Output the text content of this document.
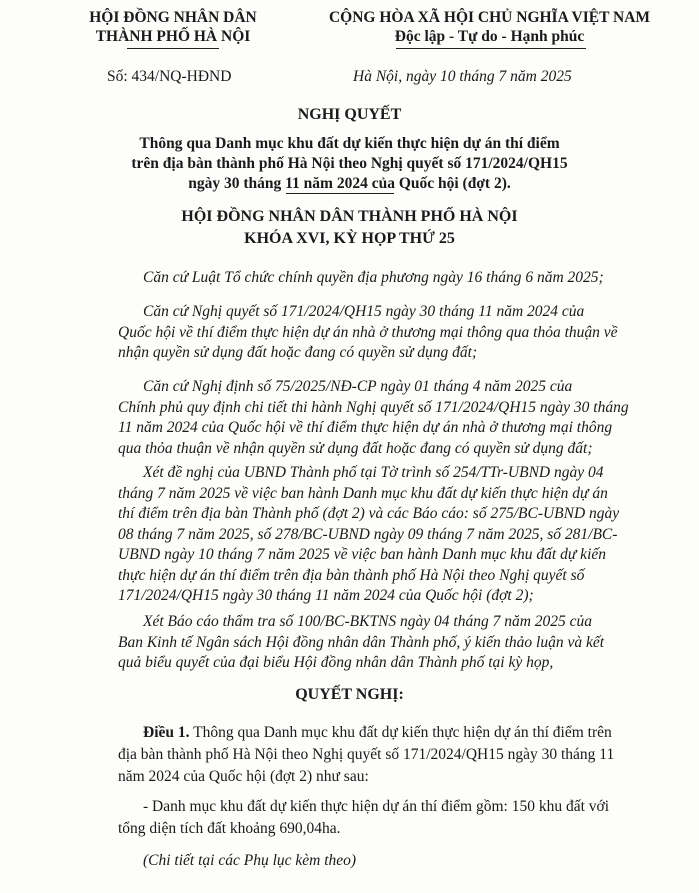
HỘI ĐỒNG NHÂN DÂN
THÀNH PHỐ HÀ NỘI
CỘNG HÒA XÃ HỘI CHỦ NGHĨA VIỆT NAM
Độc lập - Tự do - Hạnh phúc
Số: 434/NQ-HĐND	Hà Nội, ngày 10 tháng 7 năm 2025
NGHỊ QUYẾT
Thông qua Danh mục khu đất dự kiến thực hiện dự án thí điểm
trên địa bàn thành phố Hà Nội theo Nghị quyết số 171/2024/QH15
ngày 30 tháng 11 năm 2024 của Quốc hội (đợt 2).
HỘI ĐỒNG NHÂN DÂN THÀNH PHỐ HÀ NỘI
KHÓA XVI, KỲ HỌP THỨ 25
Căn cứ Luật Tổ chức chính quyền địa phương ngày 16 tháng 6 năm 2025;
Căn cứ Nghị quyết số 171/2024/QH15 ngày 30 tháng 11 năm 2024 của
Quốc hội về thí điểm thực hiện dự án nhà ở thương mại thông qua thỏa thuận về
nhận quyền sử dụng đất hoặc đang có quyền sử dụng đất;
Căn cứ Nghị định số 75/2025/NĐ-CP ngày 01 tháng 4 năm 2025 của
Chính phủ quy định chi tiết thi hành Nghị quyết số 171/2024/QH15 ngày 30 tháng
11 năm 2024 của Quốc hội về thí điểm thực hiện dự án nhà ở thương mại thông
qua thỏa thuận về nhận quyền sử dụng đất hoặc đang có quyền sử dụng đất;
Xét đề nghị của UBND Thành phố tại Tờ trình số 254/TTr-UBND ngày 04
tháng 7 năm 2025 về việc ban hành Danh mục khu đất dự kiến thực hiện dự án
thí điểm trên địa bàn Thành phố (đợt 2) và các Báo cáo: số 275/BC-UBND ngày
08 tháng 7 năm 2025, số 278/BC-UBND ngày 09 tháng 7 năm 2025, số 281/BC-
UBND ngày 10 tháng 7 năm 2025 về việc ban hành Danh mục khu đất dự kiến
thực hiện dự án thí điểm trên địa bàn thành phố Hà Nội theo Nghị quyết số
171/2024/QH15 ngày 30 tháng 11 năm 2024 của Quốc hội (đợt 2);
Xét Báo cáo thẩm tra số 100/BC-BKTNS ngày 04 tháng 7 năm 2025 của
Ban Kinh tế Ngân sách Hội đồng nhân dân Thành phố, ý kiến thảo luận và kết
quả biểu quyết của đại biểu Hội đồng nhân dân Thành phố tại kỳ họp,
QUYẾT NGHỊ:
Điều 1. Thông qua Danh mục khu đất dự kiến thực hiện dự án thí điểm trên
địa bàn thành phố Hà Nội theo Nghị quyết số 171/2024/QH15 ngày 30 tháng 11
năm 2024 của Quốc hội (đợt 2) như sau:
- Danh mục khu đất dự kiến thực hiện dự án thí điểm gồm: 150 khu đất với
tổng diện tích đất khoảng 690,04ha.
(Chi tiết tại các Phụ lục kèm theo)
